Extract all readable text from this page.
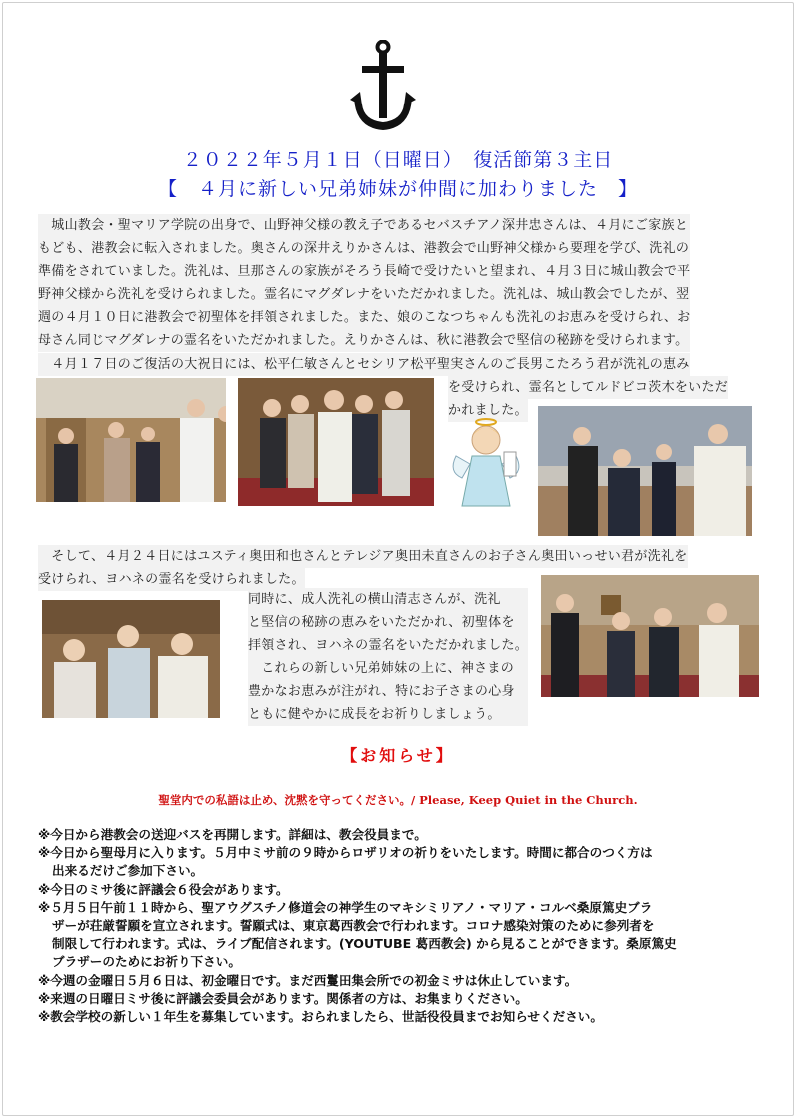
２０２２年５月１日（日曜日）　復活節第３主日
【　４月に新しい兄弟姉妹が仲間に加わりました　】
　城山教会・聖マリア学院の出身で、山野神父様の教え子であるセバスチアノ深井忠さんは、４月にご家族と
もども、港教会に転入されました。奥さんの深井えりかさんは、港教会で山野神父様から要理を学び、洗礼の
準備をされていました。洗礼は、旦那さんの家族がそろう長崎で受けたいと望まれ、４月３日に城山教会で平
野神父様から洗礼を受けられました。霊名にマグダレナをいただかれました。洗礼は、城山教会でしたが、翌
週の４月１０日に港教会で初聖体を拝領されました。また、娘のこなつちゃんも洗礼のお恵みを受けられ、お
母さん同じマグダレナの霊名をいただかれました。えりかさんは、秋に港教会で堅信の秘跡を受けられます。
　４月１７日のご復活の大祝日には、松平仁敏さんとセシリア松平聖実さんのご長男こたろう君が洗礼の恵み
を受けられ、霊名としてルドビコ茨木をいただ
かれました。
　そして、４月２４日にはユスティ奥田和也さんとテレジア奥田未直さんのお子さん奥田いっせい君が洗礼を
受けられ、ヨハネの霊名を受けられました。
同時に、成人洗礼の横山清志さんが、洗礼
と堅信の秘跡の恵みをいただかれ、初聖体を
拝領され、ヨハネの霊名をいただかれました。
　これらの新しい兄弟姉妹の上に、神さまの
豊かなお恵みが注がれ、特にお子さまの心身
ともに健やかに成長をお祈りしましょう。
【お知らせ】
聖堂内での私語は止め、沈黙を守ってください。/ Please, Keep Quiet in the Church.
※今日から港教会の送迎バスを再開します。詳細は、教会役員まで。
※今日から聖母月に入ります。５月中ミサ前の９時からロザリオの祈りをいたします。時間に都合のつく方は
出来るだけご参加下さい。
※今日のミサ後に評議会６役会があります。
※５月５日午前１１時から、聖アウグスチノ修道会の神学生のマキシミリアノ・マリア・コルベ桑原篤史ブラ
ザーが荘厳誓願を宣立されます。誓願式は、東京葛西教会で行われます。コロナ感染対策のために参列者を
制限して行われます。式は、ライブ配信されます。(YOUTUBE 葛西教会) から見ることができます。桑原篤史
ブラザーのためにお祈り下さい。
※今週の金曜日５月６日は、初金曜日です。まだ西鬘田集会所での初金ミサは休止しています。
※来週の日曜日ミサ後に評議会委員会があります。関係者の方は、お集まりください。
※教会学校の新しい１年生を募集しています。おられましたら、世話役役員までお知らせください。
